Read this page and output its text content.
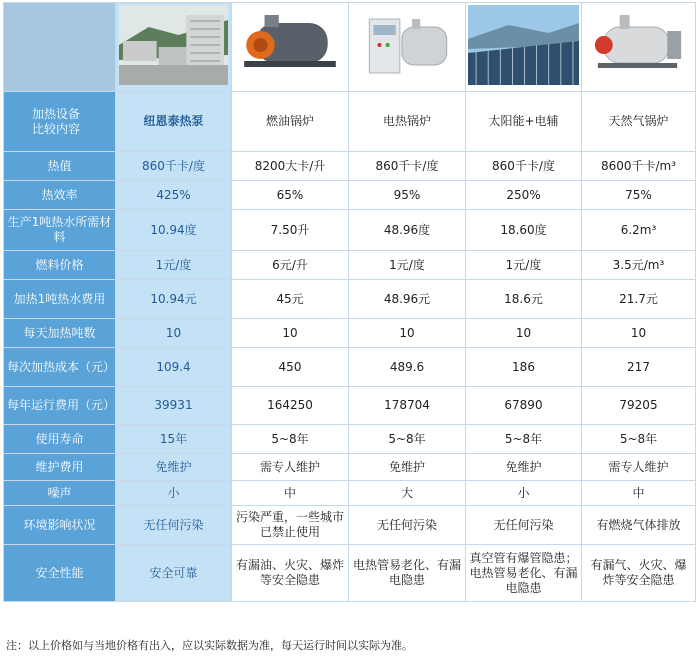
加热设备
比较内容	纽恩泰热泵	燃油锅炉	电热锅炉	太阳能+电辅	天然气锅炉
热值	860千卡/度	8200大卡/升	860千卡/度	860千卡/度	8600千卡/m³
热效率	425%	65%	95%	250%	75%
生产1吨热水所需材料	10.94度	7.50升	48.96度	18.60度	6.2m³
燃料价格	1元/度	6元/升	1元/度	1元/度	3.5元/m³
加热1吨热水费用	10.94元	45元	48.96元	18.6元	21.7元
每天加热吨数	10	10	10	10	10
每次加热成本（元）	109.4	450	489.6	186	217
每年运行费用（元）	39931	164250	178704	67890	79205
使用寿命	15年	5~8年	5~8年	5~8年	5~8年
维护费用	免维护	需专人维护	免维护	免维护	需专人维护
噪声	小	中	大	小	中
环境影响状况	无任何污染	污染严重，一些城市已禁止使用	无任何污染	无任何污染	有燃烧气体排放
安全性能	安全可靠	有漏油、火灾、爆炸等安全隐患	电热管易老化、有漏电隐患	真空管有爆管隐患；电热管易老化、有漏电隐患	有漏气、火灾、爆炸等安全隐患
注：以上价格如与当地价格有出入，应以实际数据为准，每天运行时间以实际为准。
